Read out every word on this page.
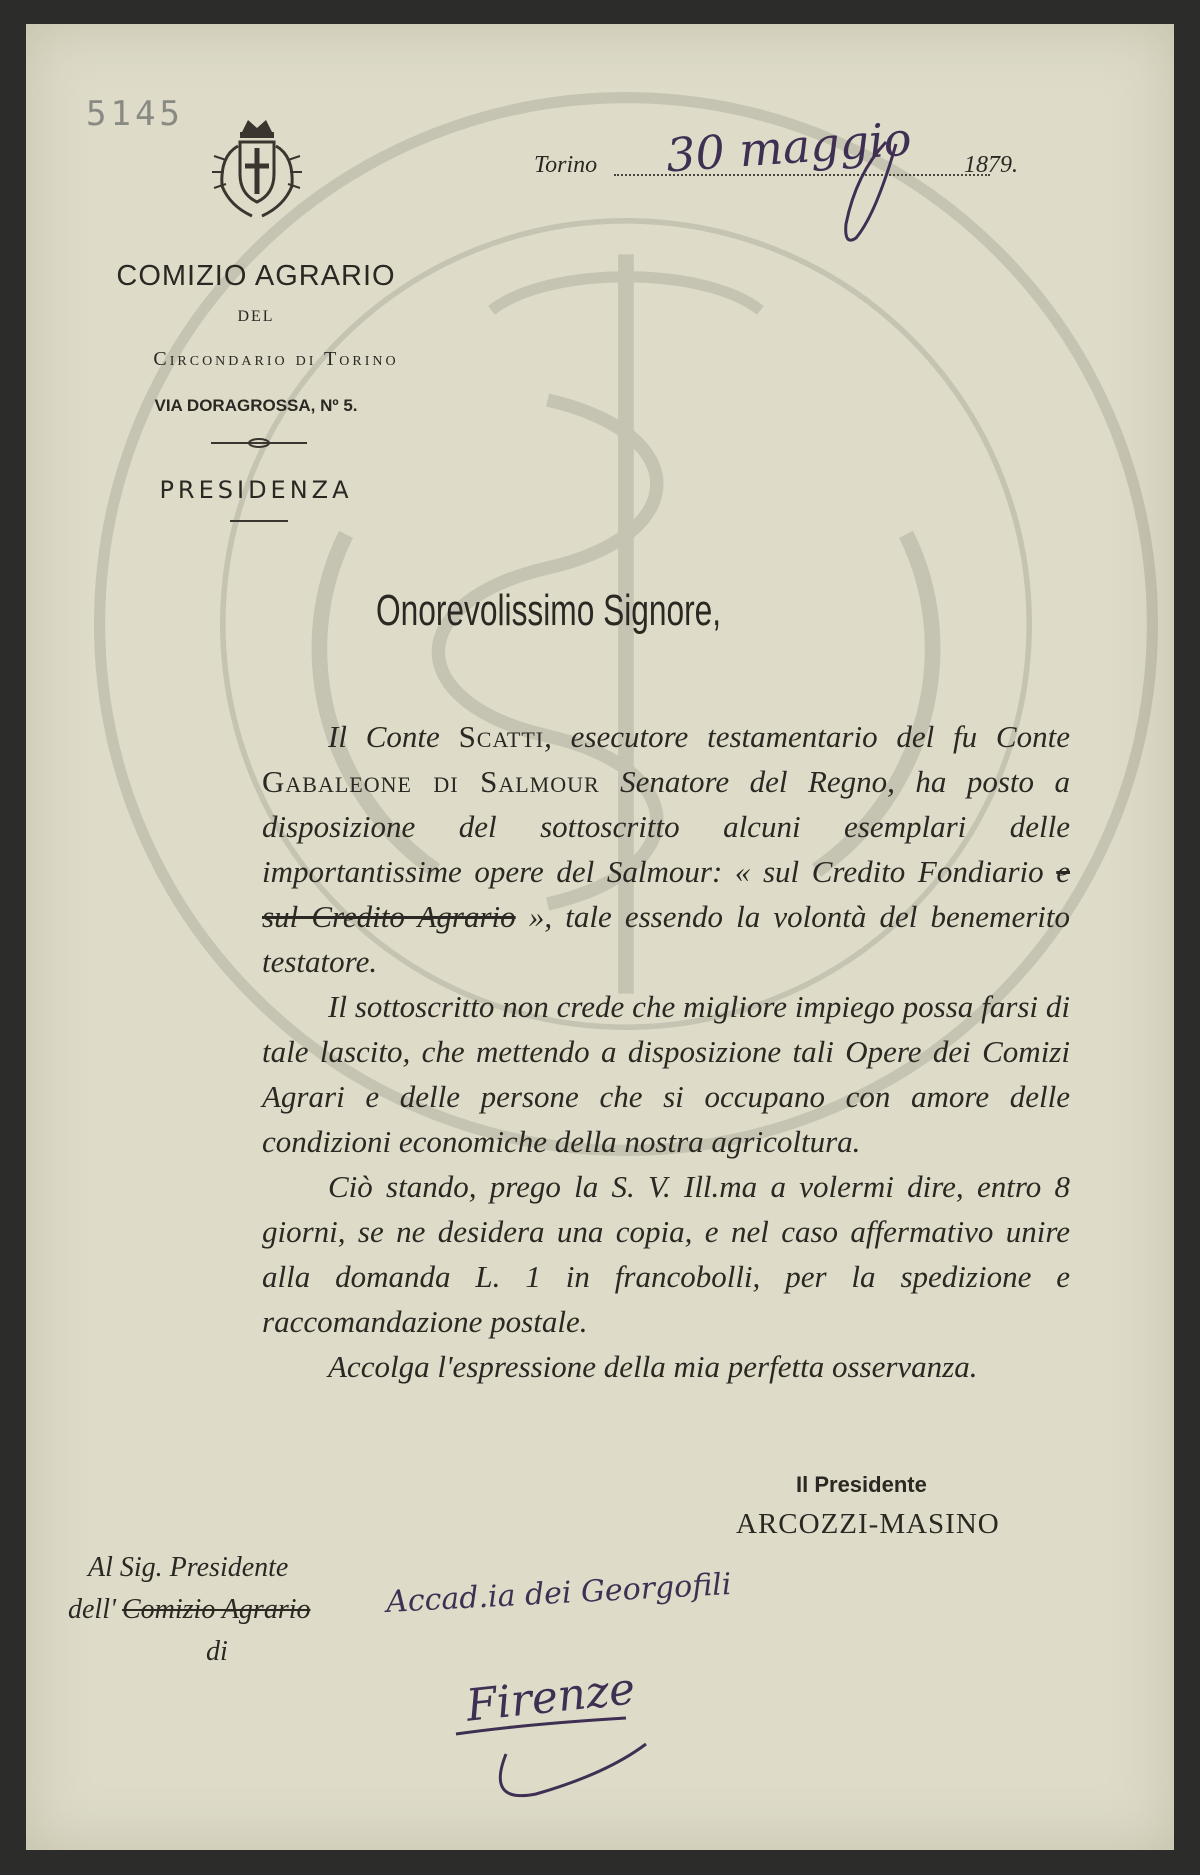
5145
COMIZIO AGRARIO
DEL
Circondario di Torino
VIA DORAGROSSA, Nº 5.
PRESIDENZA
Torino	1879.
30 maggio
Onorevolissimo Signore,

Il Conte Scatti, esecutore testamentario del fu Conte Gabaleone di Salmour Senatore del Regno, ha posto a disposizione del sottoscritto alcuni esemplari delle importantissime opere del Salmour: « sul Credito Fondiario e sul Credito Agrario », tale essendo la volontà del benemerito testatore.

Il sottoscritto non crede che migliore impiego possa farsi di tale lascito, che mettendo a disposizione tali Opere dei Comizi Agrari e delle persone che si occupano con amore delle condizioni economiche della nostra agricoltura.

Ciò stando, prego la S. V. Ill.ma a volermi dire, entro 8 giorni, se ne desidera una copia, e nel caso affermativo unire alla domanda L. 1 in francobolli, per la spedizione e raccomandazione postale.

Accolga l'espressione della mia perfetta osservanza.

Il Presidente
ARCOZZI-MASINO
Al Sig. Presidente
dell' Comizio Agrario
di
Accad.ia dei Georgofili
Firenze
